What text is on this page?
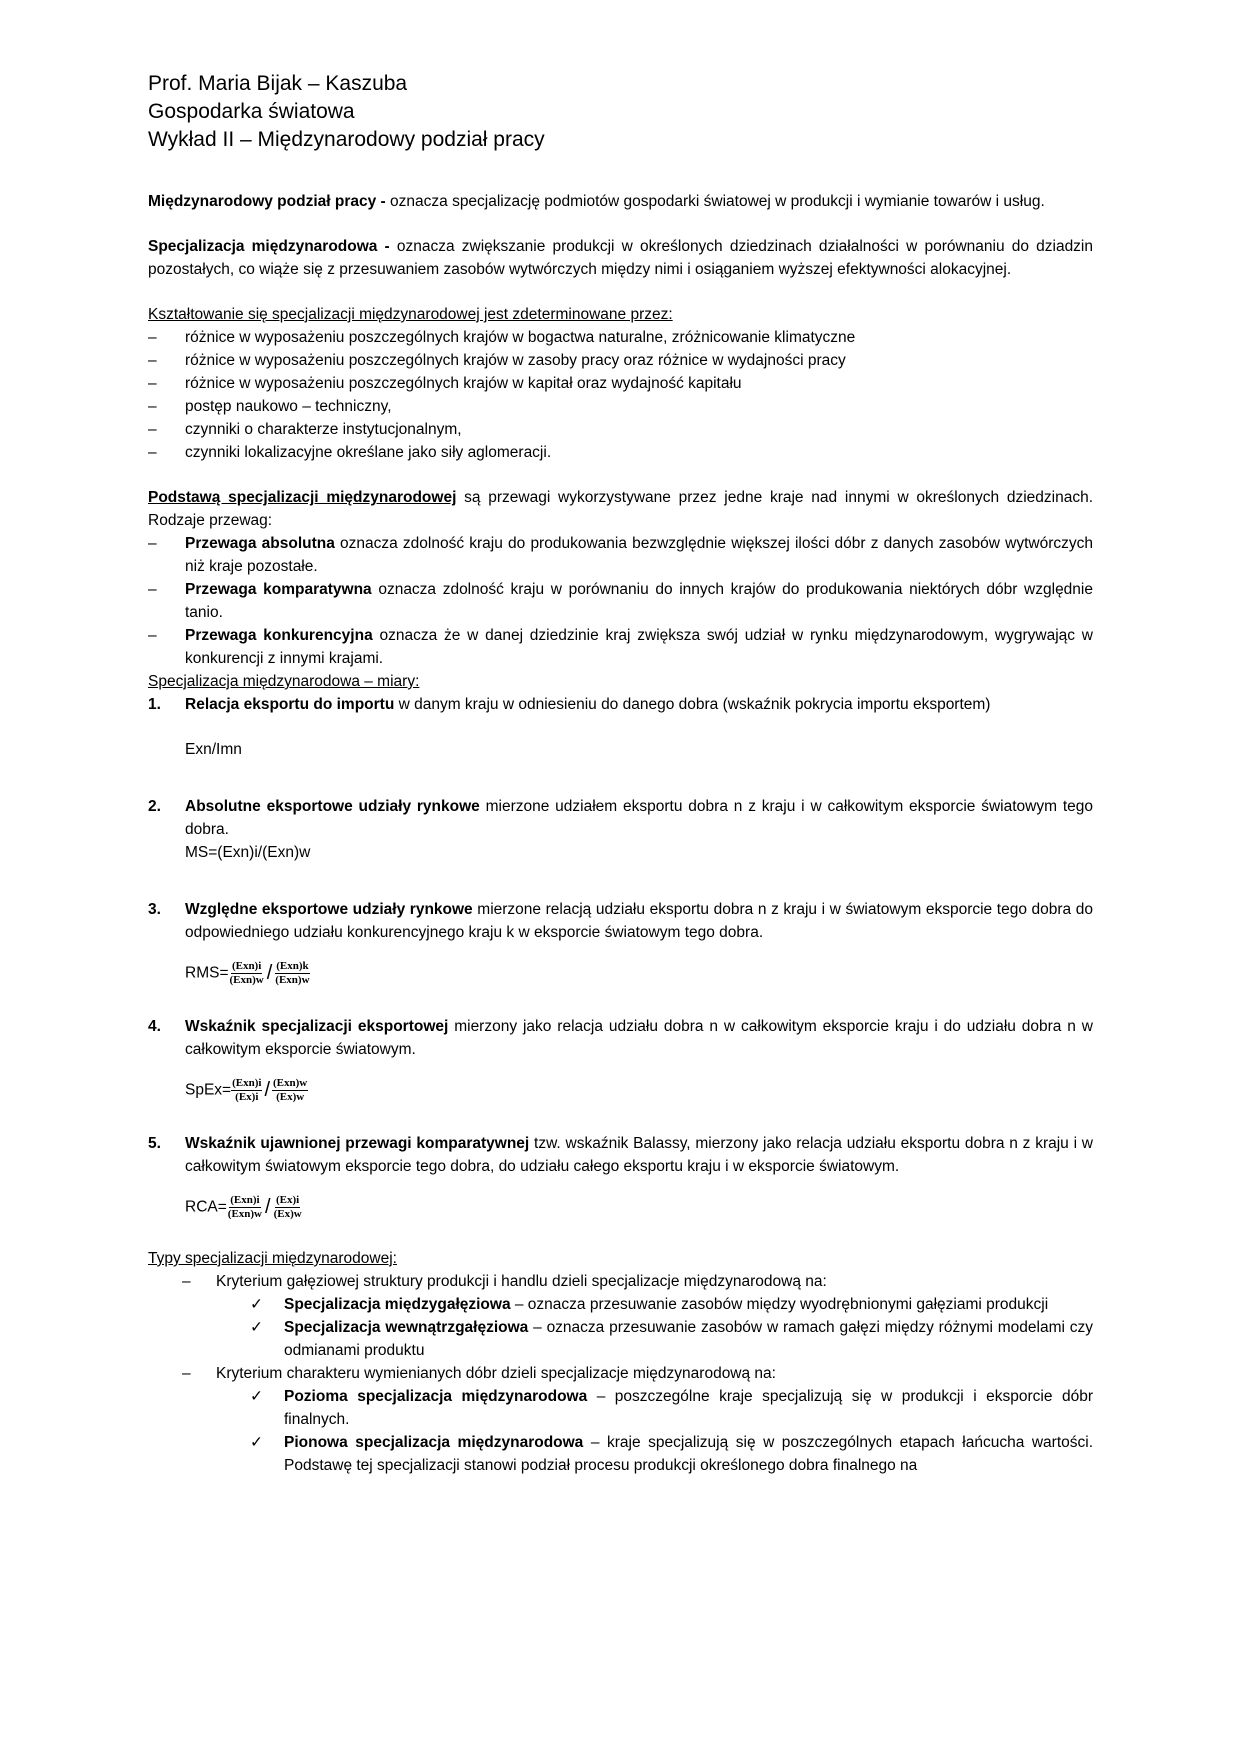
Prof. Maria Bijak – Kaszuba

Gospodarka światowa

Wykład II – Międzynarodowy podział pracy

Międzynarodowy podział pracy - oznacza specjalizację podmiotów gospodarki światowej w produkcji i wymianie towarów i usług.

Specjalizacja międzynarodowa - oznacza zwiększanie produkcji w określonych dziedzinach działalności w porównaniu do dziadzin pozostałych, co wiąże się z przesuwaniem zasobów wytwórczych między nimi i osiąganiem wyższej efektywności alokacyjnej.

Kształtowanie się specjalizacji międzynarodowej jest zdeterminowane przez:

– różnice w wyposażeniu poszczególnych krajów w bogactwa naturalne, zróżnicowanie klimatyczne
– różnice w wyposażeniu poszczególnych krajów w zasoby pracy oraz różnice w wydajności pracy
– różnice w wyposażeniu poszczególnych krajów w kapitał oraz wydajność kapitału
– postęp naukowo – techniczny,
– czynniki o charakterze instytucjonalnym,
– czynniki lokalizacyjne określane jako siły aglomeracji.

Podstawą specjalizacji międzynarodowej są przewagi wykorzystywane przez jedne kraje nad innymi w określonych dziedzinach. Rodzaje przewag:

– Przewaga absolutna oznacza zdolność kraju do produkowania bezwzględnie większej ilości dóbr z danych zasobów wytwórczych niż kraje pozostałe.
– Przewaga komparatywna oznacza zdolność kraju w porównaniu do innych krajów do produkowania niektórych dóbr względnie tanio.
– Przewaga konkurencyjna oznacza że w danej dziedzinie kraj zwiększa swój udział w rynku międzynarodowym, wygrywając w konkurencji z innymi krajami.

Specjalizacja międzynarodowa – miary:

1. Relacja eksportu do importu w danym kraju w odniesieniu do danego dobra (wskaźnik pokrycia importu eksportem)
Exn/Imn
2. Absolutne eksportowe udziały rynkowe mierzone udziałem eksportu dobra n z kraju i w całkowitym eksporcie światowym tego dobra.
MS=(Exn)i/(Exn)w
3. Względne eksportowe udziały rynkowe mierzone relacją udziału eksportu dobra n z kraju i w światowym eksporcie tego dobra do odpowiedniego udziału konkurencyjnego kraju k w eksporcie światowym tego dobra.
$RMS= \frac{\text{(Exn)i}}{\text{(Exn)w}} / \frac{\text{(Exn)k}}{\text{(Exn)w}}$
4. Wskaźnik specjalizacji eksportowej mierzony jako relacja udziału dobra n w całkowitym eksporcie kraju i do udziału dobra n w całkowitym eksporcie światowym.
SpEx= $\frac{\text{(Exn)i}}{(Ex)i} / \frac{\text{(Exn)w}}{(Ex)w}$
5. Wskaźnik ujawnionej przewagi komparatywnej tzw. wskaźnik Balassy, mierzony jako relacja udziału eksportu dobra n z kraju i w całkowitym światowym eksporcie tego dobra, do udziału całego eksportu kraju i w eksporcie światowym.
$RCA= \frac{\text{(Exn)i}}{\text{(Exn)w}} / \frac{(Ex)i}{(Ex)w}$

Typy specjalizacji międzynarodowej:

– Kryterium gałęziowej struktury produkcji i handlu dzieli specjalizacje międzynarodową na:
✓ Specjalizacja międzygałęziowa – oznacza przesuwanie zasobów między wyodrębnionymi gałęziami produkcji
✓ Specjalizacja wewnątrzgałęziowa – oznacza przesuwanie zasobów w ramach gałęzi między różnymi modelami czy odmianami produktu
– Kryterium charakteru wymienianych dóbr dzieli specjalizacje międzynarodową na:
✓ Pozioma specjalizacja międzynarodowa – poszczególne kraje specjalizują się w produkcji i eksporcie dóbr finalnych.
✓ Pionowa specjalizacja międzynarodowa – kraje specjalizują się w poszczególnych etapach łańcucha wartości. Podstawę tej specjalizacji stanowi podział procesu produkcji określonego dobra finalnego na
